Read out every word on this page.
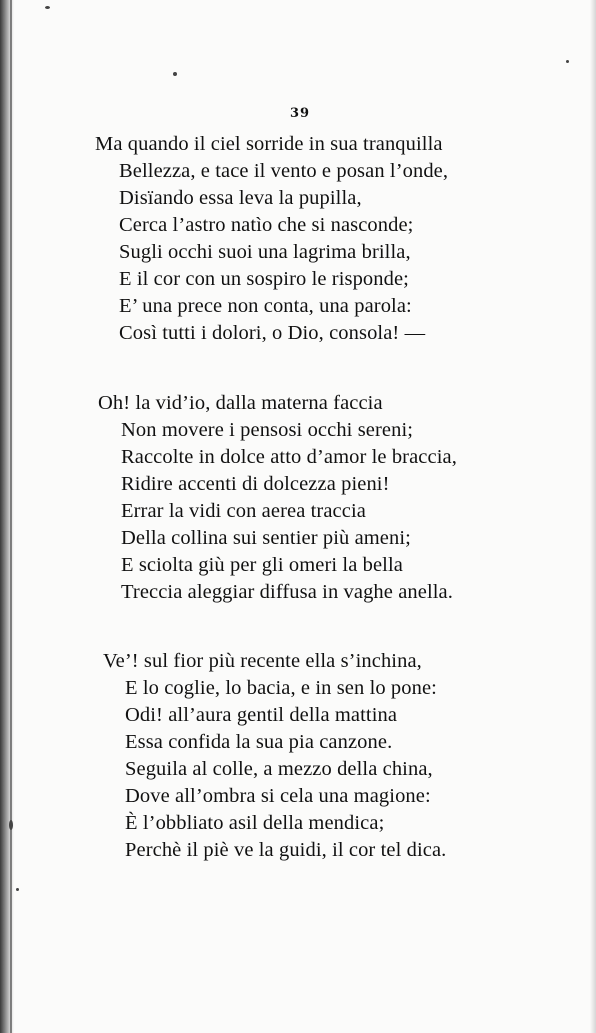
39
Ma quando il ciel sorride in sua tranquilla
Bellezza, e tace il vento e posan l’onde,
Disïando essa leva la pupilla,
Cerca l’astro natìo che si nasconde;
Sugli occhi suoi una lagrima brilla,
E il cor con un sospiro le risponde;
E’ una prece non conta, una parola:
Così tutti i dolori, o Dio, consola! —
Oh! la vid’io, dalla materna faccia
Non movere i pensosi occhi sereni;
Raccolte in dolce atto d’amor le braccia,
Ridire accenti di dolcezza pieni!
Errar la vidi con aerea traccia
Della collina sui sentier più ameni;
E sciolta giù per gli omeri la bella
Treccia aleggiar diffusa in vaghe anella.
Ve’! sul fior più recente ella s’inchina,
E lo coglie, lo bacia, e in sen lo pone:
Odi! all’aura gentil della mattina
Essa confida la sua pia canzone.
Seguila al colle, a mezzo della china,
Dove all’ombra si cela una magione:
È l’obbliato asil della mendica;
Perchè il piè ve la guidi, il cor tel dica.
